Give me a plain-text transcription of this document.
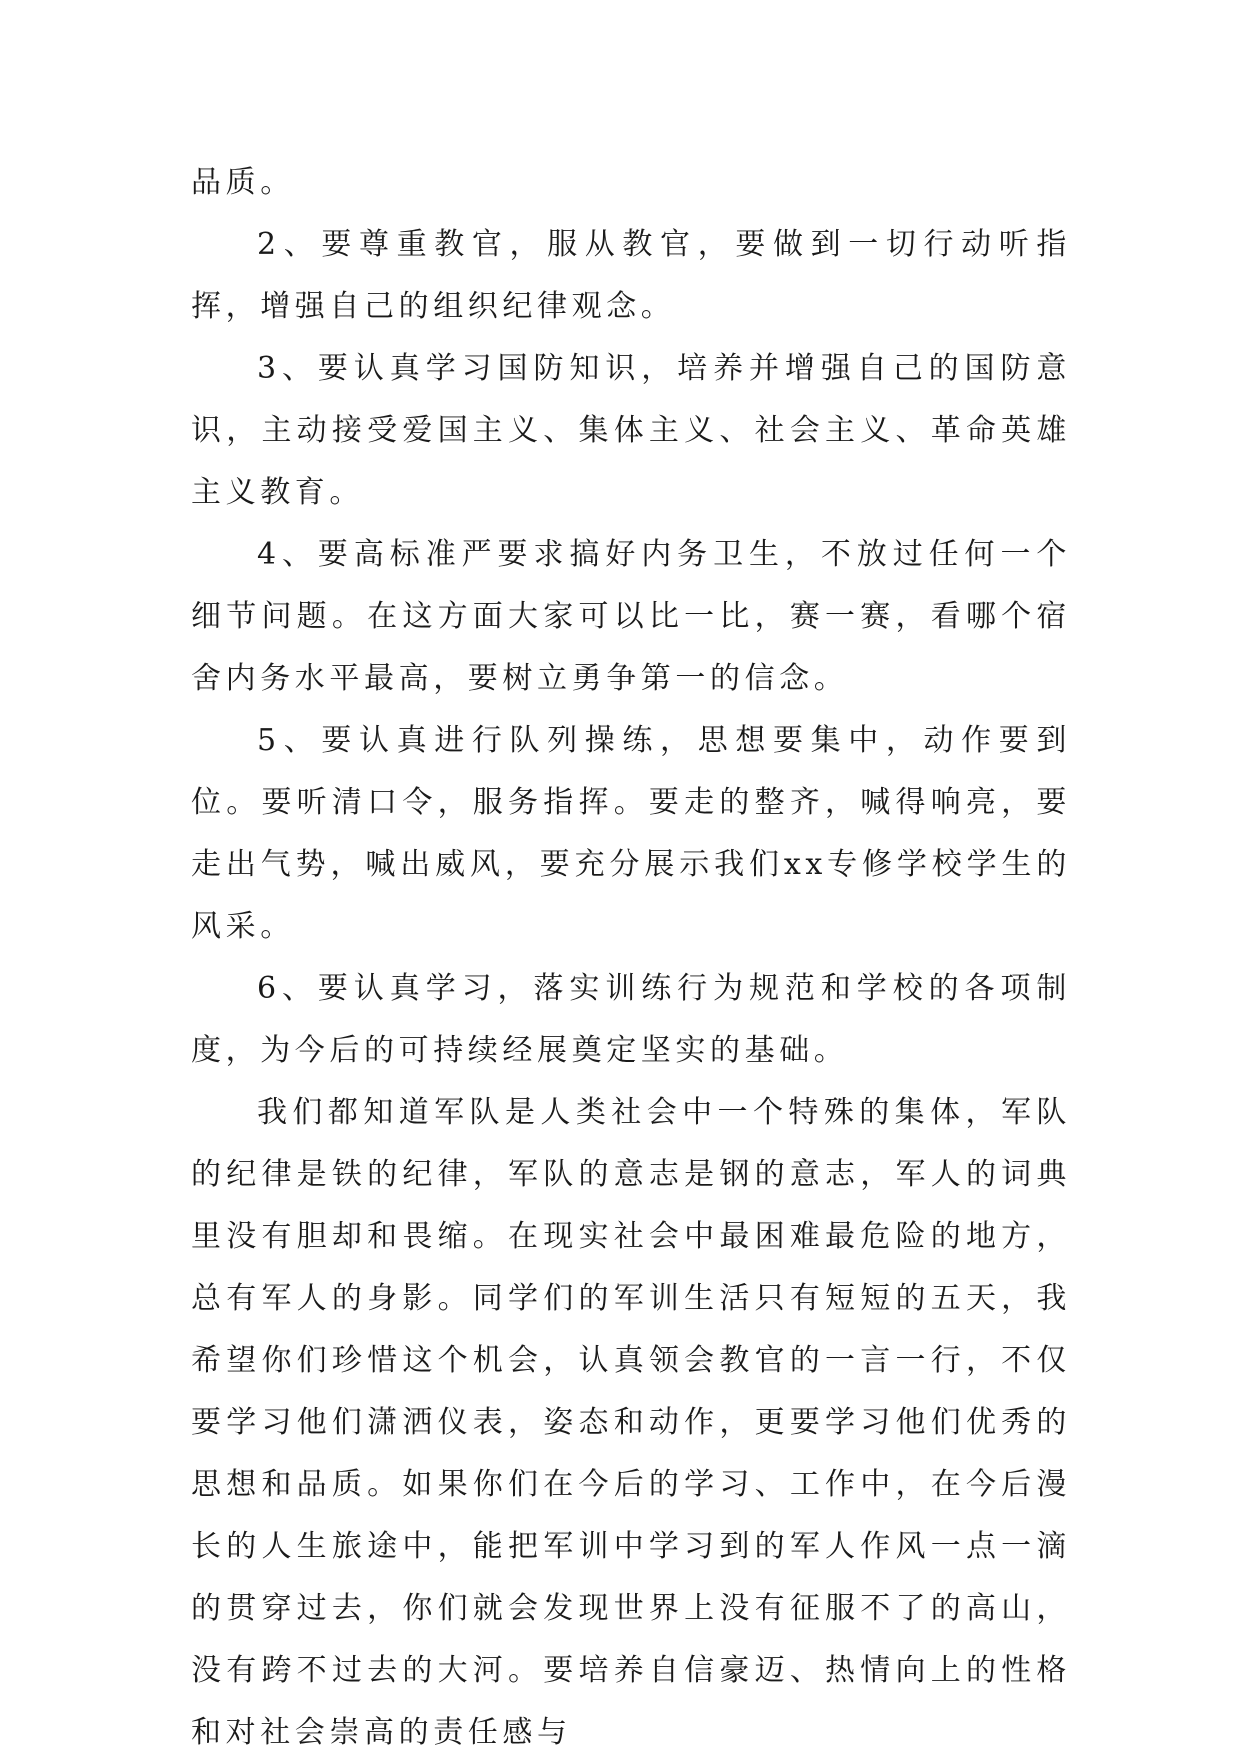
品质。

2、要尊重教官，服从教官，要做到一切行动听指挥，增强自己的组织纪律观念。

3、要认真学习国防知识，培养并增强自己的国防意识，主动接受爱国主义、集体主义、社会主义、革命英雄主义教育。

4、要高标准严要求搞好内务卫生，不放过任何一个细节问题。在这方面大家可以比一比，赛一赛，看哪个宿舍内务水平最高，要树立勇争第一的信念。

5、要认真进行队列操练，思想要集中，动作要到位。要听清口令，服务指挥。要走的整齐，喊得响亮，要走出气势，喊出威风，要充分展示我们xx专修学校学生的风采。

6、要认真学习，落实训练行为规范和学校的各项制度，为今后的可持续经展奠定坚实的基础。

我们都知道军队是人类社会中一个特殊的集体，军队的纪律是铁的纪律，军队的意志是钢的意志，军人的词典里没有胆却和畏缩。在现实社会中最困难最危险的地方，总有军人的身影。同学们的军训生活只有短短的五天，我希望你们珍惜这个机会，认真领会教官的一言一行，不仅要学习他们潇洒仪表，姿态和动作，更要学习他们优秀的思想和品质。如果你们在今后的学习、工作中，在今后漫长的人生旅途中，能把军训中学习到的军人作风一点一滴的贯穿过去，你们就会发现世界上没有征服不了的高山，没有跨不过去的大河。要培养自信豪迈、热情向上的性格和对社会崇高的责任感与
